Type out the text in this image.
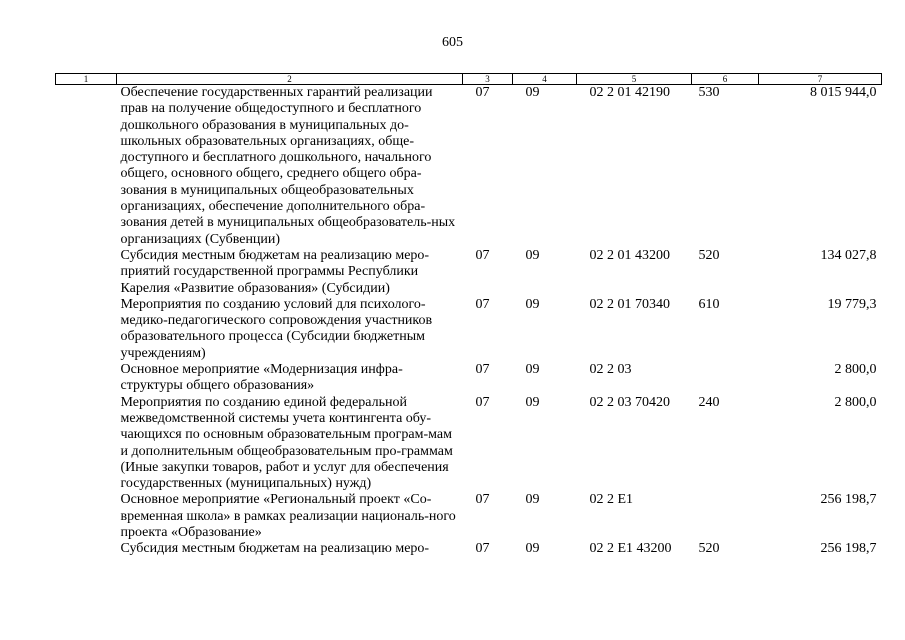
605
1	2	3	4	5	6	7
	Обеспечение государственных гарантий реализации прав на получение общедоступного и бесплатного дошкольного образования в муниципальных до-школьных образовательных организациях, обще-доступного и бесплатного дошкольного, начального общего, основного общего, среднего общего обра-зования в муниципальных общеобразовательных организациях, обеспечение дополнительного обра-зования детей в муниципальных общеобразователь-ных организациях (Субвенции)	07	09	02 2 01 42190	530	8 015 944,0
	Субсидия местным бюджетам на реализацию меро-приятий государственной программы Республики Карелия «Развитие образования» (Субсидии)	07	09	02 2 01 43200	520	134 027,8
	Мероприятия по созданию условий для психолого-медико-педагогического сопровождения участников образовательного процесса (Субсидии бюджетным учреждениям)	07	09	02 2 01 70340	610	19 779,3
	Основное мероприятие «Модернизация инфра-структуры общего образования»	07	09	02 2 03		2 800,0
	Мероприятия по созданию единой федеральной межведомственной системы учета контингента обу-чающихся по основным образовательным програм-мам и дополнительным общеобразовательным про-граммам (Иные закупки товаров, работ и услуг для обеспечения государственных (муниципальных) нужд)	07	09	02 2 03 70420	240	2 800,0
	Основное мероприятие «Региональный проект «Со-временная школа» в рамках реализации националь-ного проекта «Образование»	07	09	02 2 E1		256 198,7
	Субсидия местным бюджетам на реализацию меро-	07	09	02 2 E1 43200	520	256 198,7
